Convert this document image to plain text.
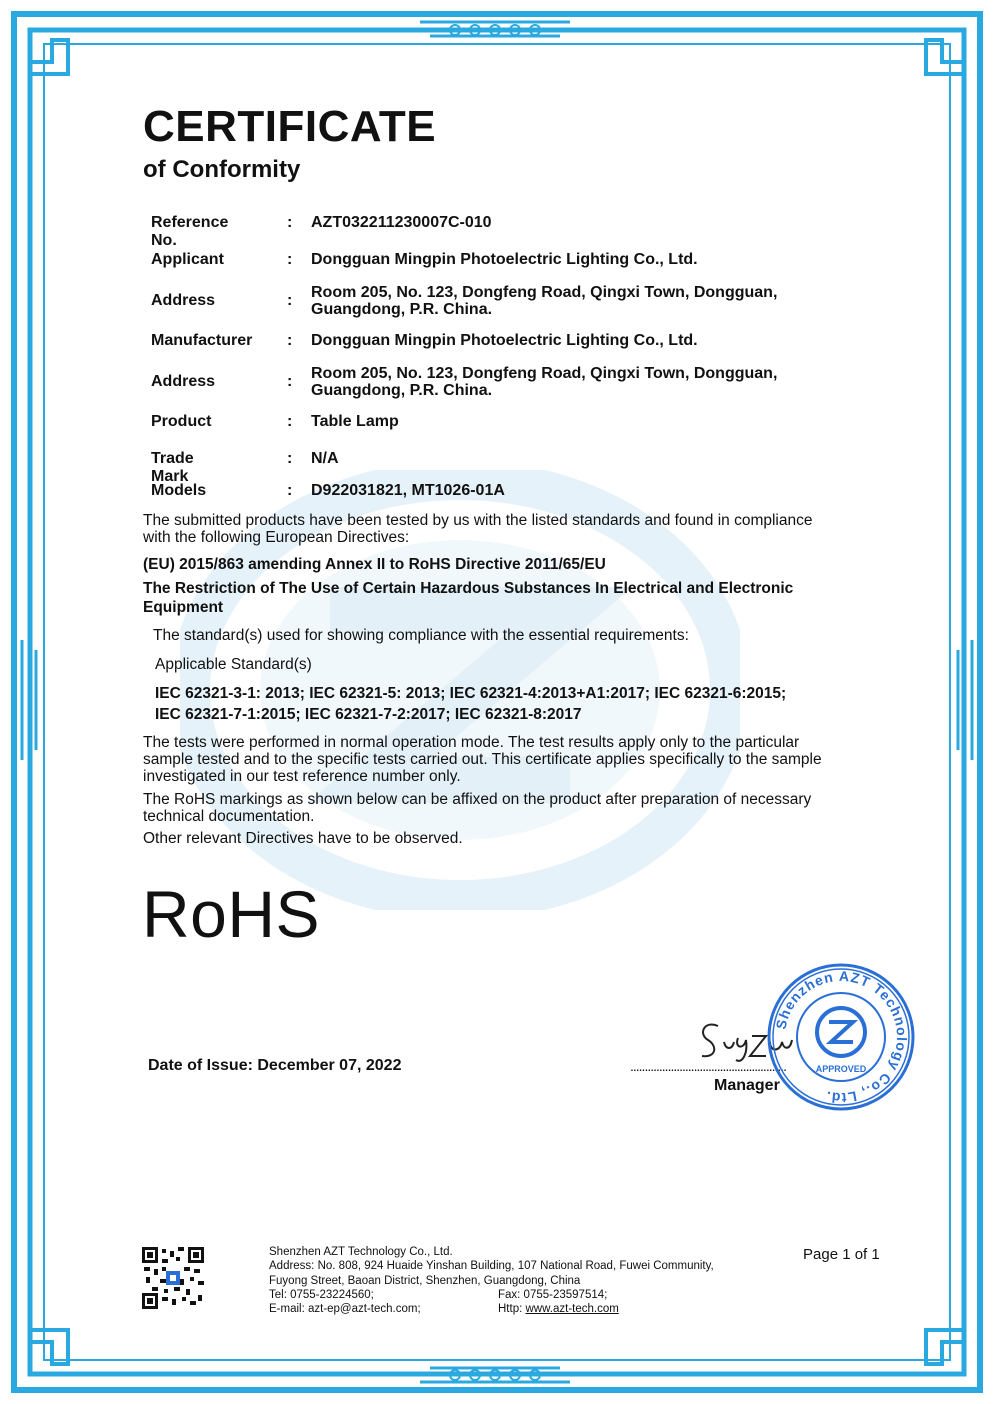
CERTIFICATE
of Conformity
Reference No.
: AZT032211230007C-010
Applicant	: Dongguan Mingpin Photoelectric Lighting Co., Ltd.
Address	: Room 205, No. 123, Dongfeng Road, Qingxi Town, Dongguan,
Guangdong, P.R. China.
Manufacturer : Dongguan Mingpin Photoelectric Lighting Co., Ltd.
Address	: Room 205, No. 123, Dongfeng Road, Qingxi Town, Dongguan,
Guangdong, P.R. China.
Product	: Table Lamp
Trade Mark
: N/A
Models	: D922031821, MT1026-01A
The submitted products have been tested by us with the listed standards and found in compliance
with the following European Directives:
(EU) 2015/863 amending Annex II to RoHS Directive 2011/65/EU
The Restriction of The Use of Certain Hazardous Substances In Electrical and Electronic
Equipment
The standard(s) used for showing compliance with the essential requirements:
Applicable Standard(s)
IEC 62321-3-1: 2013; IEC 62321-5: 2013; IEC 62321-4:2013+A1:2017; IEC 62321-6:2015;
IEC 62321-7-1:2015; IEC 62321-7-2:2017; IEC 62321-8:2017
The tests were performed in normal operation mode. The test results apply only to the particular
sample tested and to the specific tests carried out. This certificate applies specifically to the sample
investigated in our test reference number only.
The RoHS markings as shown below can be affixed on the product after preparation of necessary
technical documentation.
Other relevant Directives have to be observed.
RoHS
Date of Issue: December 07, 2022	......................................................
Manager
Shenzhen AZT Technology Co., Ltd.
APPROVED
Shenzhen AZT Technology Co., Ltd.
Address: No. 808, 924 Huaide Yinshan Building, 107 National Road, Fuwei Community,
Fuyong Street, Baoan District, Shenzhen, Guangdong, China
Tel: 0755-23224560;	Fax: 0755-23597514;
E-mail: azt-ep@azt-tech.com;	Http: www.azt-tech.com
Page 1 of 1
